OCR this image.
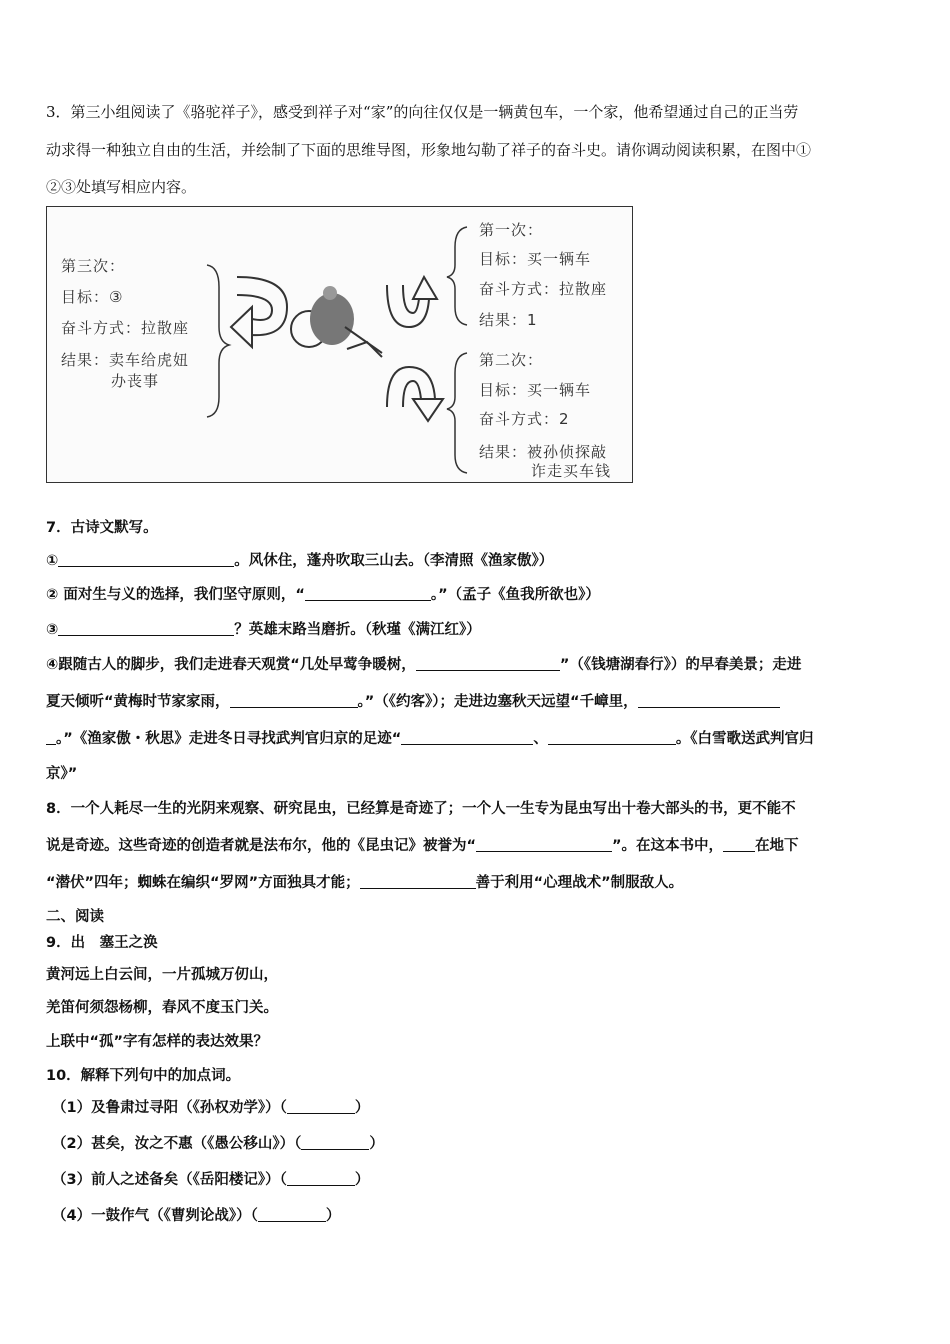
3．第三小组阅读了《骆驼祥子》，感受到祥子对“家”的向往仅仅是一辆黄包车，一个家，他希望通过自己的正当劳
动求得一种独立自由的生活，并绘制了下面的思维导图，形象地勾勒了祥子的奋斗史。请你调动阅读积累，在图中①
②③处填写相应内容。
第三次：
目标：③
奋斗方式：拉散座
结果：卖车给虎妞
办丧事
第一次：
目标：买一辆车
奋斗方式：拉散座
结果：1
第二次：
目标：买一辆车
奋斗方式：2
结果：被孙侦探敲
诈走买车钱
7．古诗文默写。
①	。风休住，蓬舟吹取三山去。（李清照《渔家傲》）
② 面对生与义的选择，我们坚守原则，“	。”（孟子《鱼我所欲也》）
③	？英雄末路当磨折。（秋瑾《满江红》）
④跟随古人的脚步，我们走进春天观赏“几处早莺争暖树，	”（《钱塘湖春行》）的早春美景；走进
夏天倾听“黄梅时节家家雨，	。”（《约客》）；走进边塞秋天远望“千嶂里，
。”《渔家傲・秋思》走进冬日寻找武判官归京的足迹“	、	。《白雪歌送武判官归
京》”
8．一个人耗尽一生的光阴来观察、研究昆虫，已经算是奇迹了；一个人一生专为昆虫写出十卷大部头的书，更不能不
说是奇迹。这些奇迹的创造者就是法布尔，他的《昆虫记》被誉为“	”。在这本书中， 在地下
“潜伏”四年；蜘蛛在编织“罗网”方面独具才能；	善于利用“心理战术”制服敌人。
二、阅读
9．出　塞王之涣
黄河远上白云间，一片孤城万仞山，
羌笛何须怨杨柳，春风不度玉门关。
上联中“孤”字有怎样的表达效果？
10．解释下列句中的加点词。
（1）及鲁肃过寻阳（《孙权劝学》）（	）
（2）甚矣，汝之不惠（《愚公移山》）（	）
（3）前人之述备矣（《岳阳楼记》）（	）
（4）一鼓作气（《曹刿论战》）（	）
